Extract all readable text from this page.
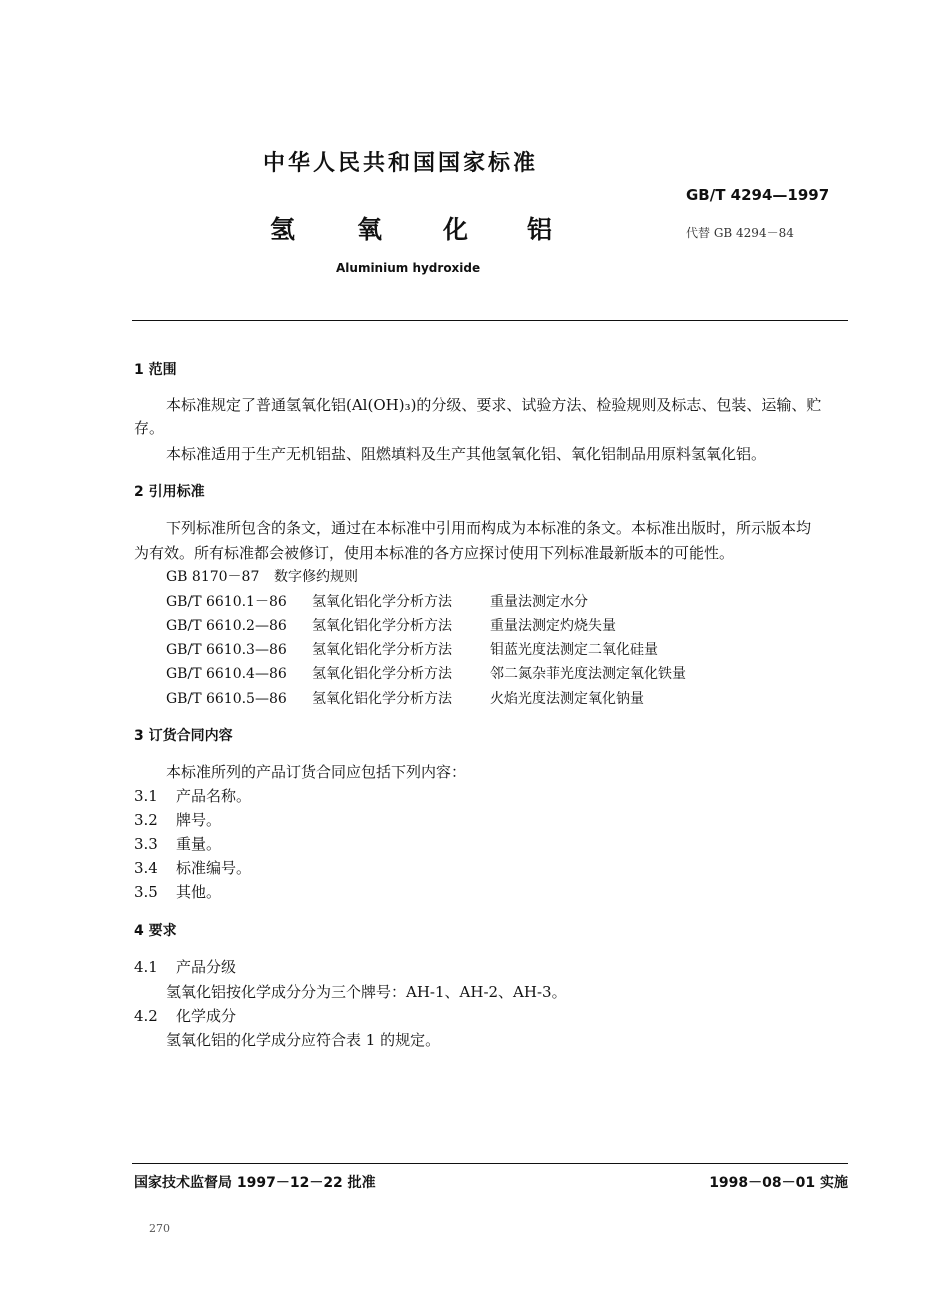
中华人民共和国国家标准
GB/T 4294—1997
氢 氧 化 铝	代替 GB 4294－84
Aluminium hydroxide
1 范围
本标准规定了普通氢氧化铝(Al(OH)₃)的分级、要求、试验方法、检验规则及标志、包装、运输、贮
存。
本标准适用于生产无机铝盐、阻燃填料及生产其他氢氧化铝、氧化铝制品用原料氢氧化铝。
2 引用标准
下列标准所包含的条文，通过在本标准中引用而构成为本标准的条文。本标准出版时，所示版本均
为有效。所有标准都会被修订，使用本标准的各方应探讨使用下列标准最新版本的可能性。
GB 8170－87 数字修约规则
GB/T 6610.1－86 氢氧化铝化学分析方法	重量法测定水分
GB/T 6610.2—86 氢氧化铝化学分析方法	重量法测定灼烧失量
GB/T 6610.3—86 氢氧化铝化学分析方法	钼蓝光度法测定二氧化硅量
GB/T 6610.4—86 氢氧化铝化学分析方法	邻二氮杂菲光度法测定氧化铁量
GB/T 6610.5—86 氢氧化铝化学分析方法	火焰光度法测定氧化钠量
3 订货合同内容
本标准所列的产品订货合同应包括下列内容：
3.1 产品名称。
3.2 牌号。
3.3 重量。
3.4 标准编号。
3.5 其他。
4 要求
4.1 产品分级
氢氧化铝按化学成分分为三个牌号：AH-1、AH-2、AH-3。
4.2 化学成分
氢氧化铝的化学成分应符合表 1 的规定。
国家技术监督局 1997－12－22 批准	1998－08－01 实施
270
